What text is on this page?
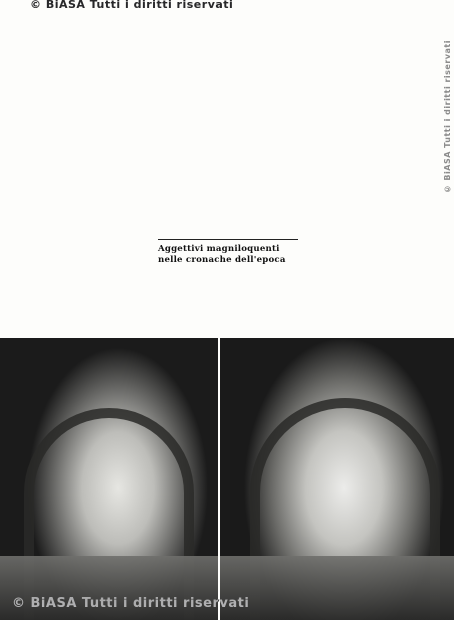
Aggettivi magniloquenti nelle cronache dell'epoca
© BiASA Tutti i diritti riservati
© BiASA Tutti i diritti riservati
© BiASA Tutti i diritti riservati
